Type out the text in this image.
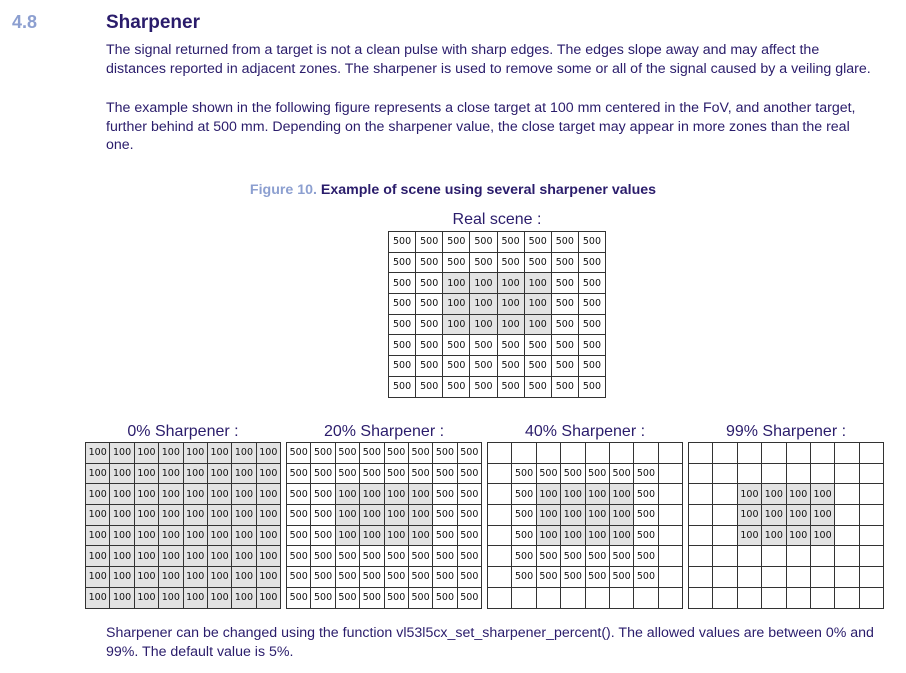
4.8	Sharpener

The signal returned from a target is not a clean pulse with sharp edges. The edges slope away and may affect the distances reported in adjacent zones. The sharpener is used to remove some or all of the signal caused by a veiling glare.

The example shown in the following figure represents a close target at 100 mm centered in the FoV, and another target, further behind at 500 mm. Depending on the sharpener value, the close target may appear in more zones than the real one.

Figure 10. Example of scene using several sharpener values
Real scene :
500	500	500	500	500	500	500	500
500	500	500	500	500	500	500	500
500	500	100	100	100	100	500	500
500	500	100	100	100	100	500	500
500	500	100	100	100	100	500	500
500	500	500	500	500	500	500	500
500	500	500	500	500	500	500	500
500	500	500	500	500	500	500	500
0% Sharpener :
100	100	100	100	100	100	100	100
100	100	100	100	100	100	100	100
100	100	100	100	100	100	100	100
100	100	100	100	100	100	100	100
100	100	100	100	100	100	100	100
100	100	100	100	100	100	100	100
100	100	100	100	100	100	100	100
100	100	100	100	100	100	100	100
20% Sharpener :
500	500	500	500	500	500	500	500
500	500	500	500	500	500	500	500
500	500	100	100	100	100	500	500
500	500	100	100	100	100	500	500
500	500	100	100	100	100	500	500
500	500	500	500	500	500	500	500
500	500	500	500	500	500	500	500
500	500	500	500	500	500	500	500
40% Sharpener :

	500	500	500	500	500	500	
	500	100	100	100	100	500	
	500	100	100	100	100	500	
	500	100	100	100	100	500	
	500	500	500	500	500	500	
	500	500	500	500	500	500	

99% Sharpener :

		100	100	100	100		
		100	100	100	100		
		100	100	100	100		

Sharpener can be changed using the function vl53l5cx_set_sharpener_percent(). The allowed values are between 0% and 99%. The default value is 5%.
